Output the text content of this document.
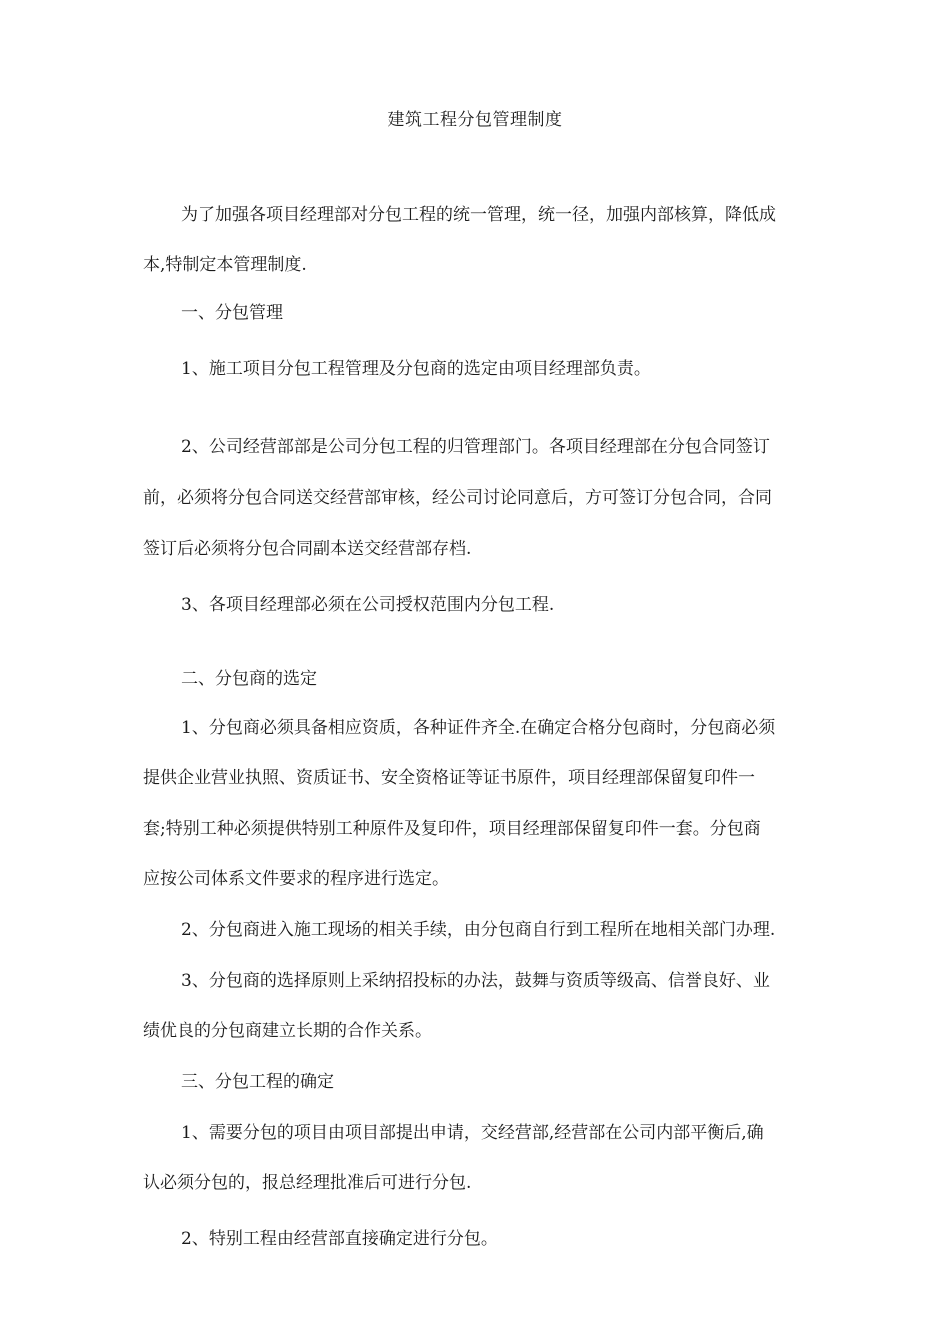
建筑工程分包管理制度
为了加强各项目经理部对分包工程的统一管理，统一径，加强内部核算，降低成
本,特制定本管理制度.
一、分包管理
1、施工项目分包工程管理及分包商的选定由项目经理部负责。
2、公司经营部部是公司分包工程的归管理部门。各项目经理部在分包合同签订
前，必须将分包合同送交经营部审核，经公司讨论同意后，方可签订分包合同，合同
签订后必须将分包合同副本送交经营部存档.
3、各项目经理部必须在公司授权范围内分包工程.
二、分包商的选定
1、分包商必须具备相应资质，各种证件齐全.在确定合格分包商时，分包商必须
提供企业营业执照、资质证书、安全资格证等证书原件，项目经理部保留复印件一
套;特别工种必须提供特别工种原件及复印件，项目经理部保留复印件一套。分包商
应按公司体系文件要求的程序进行选定。
2、分包商进入施工现场的相关手续，由分包商自行到工程所在地相关部门办理.
3、分包商的选择原则上采纳招投标的办法，鼓舞与资质等级高、信誉良好、业
绩优良的分包商建立长期的合作关系。
三、分包工程的确定
1、需要分包的项目由项目部提出申请，交经营部,经营部在公司内部平衡后,确
认必须分包的，报总经理批准后可进行分包.
2、特别工程由经营部直接确定进行分包。
